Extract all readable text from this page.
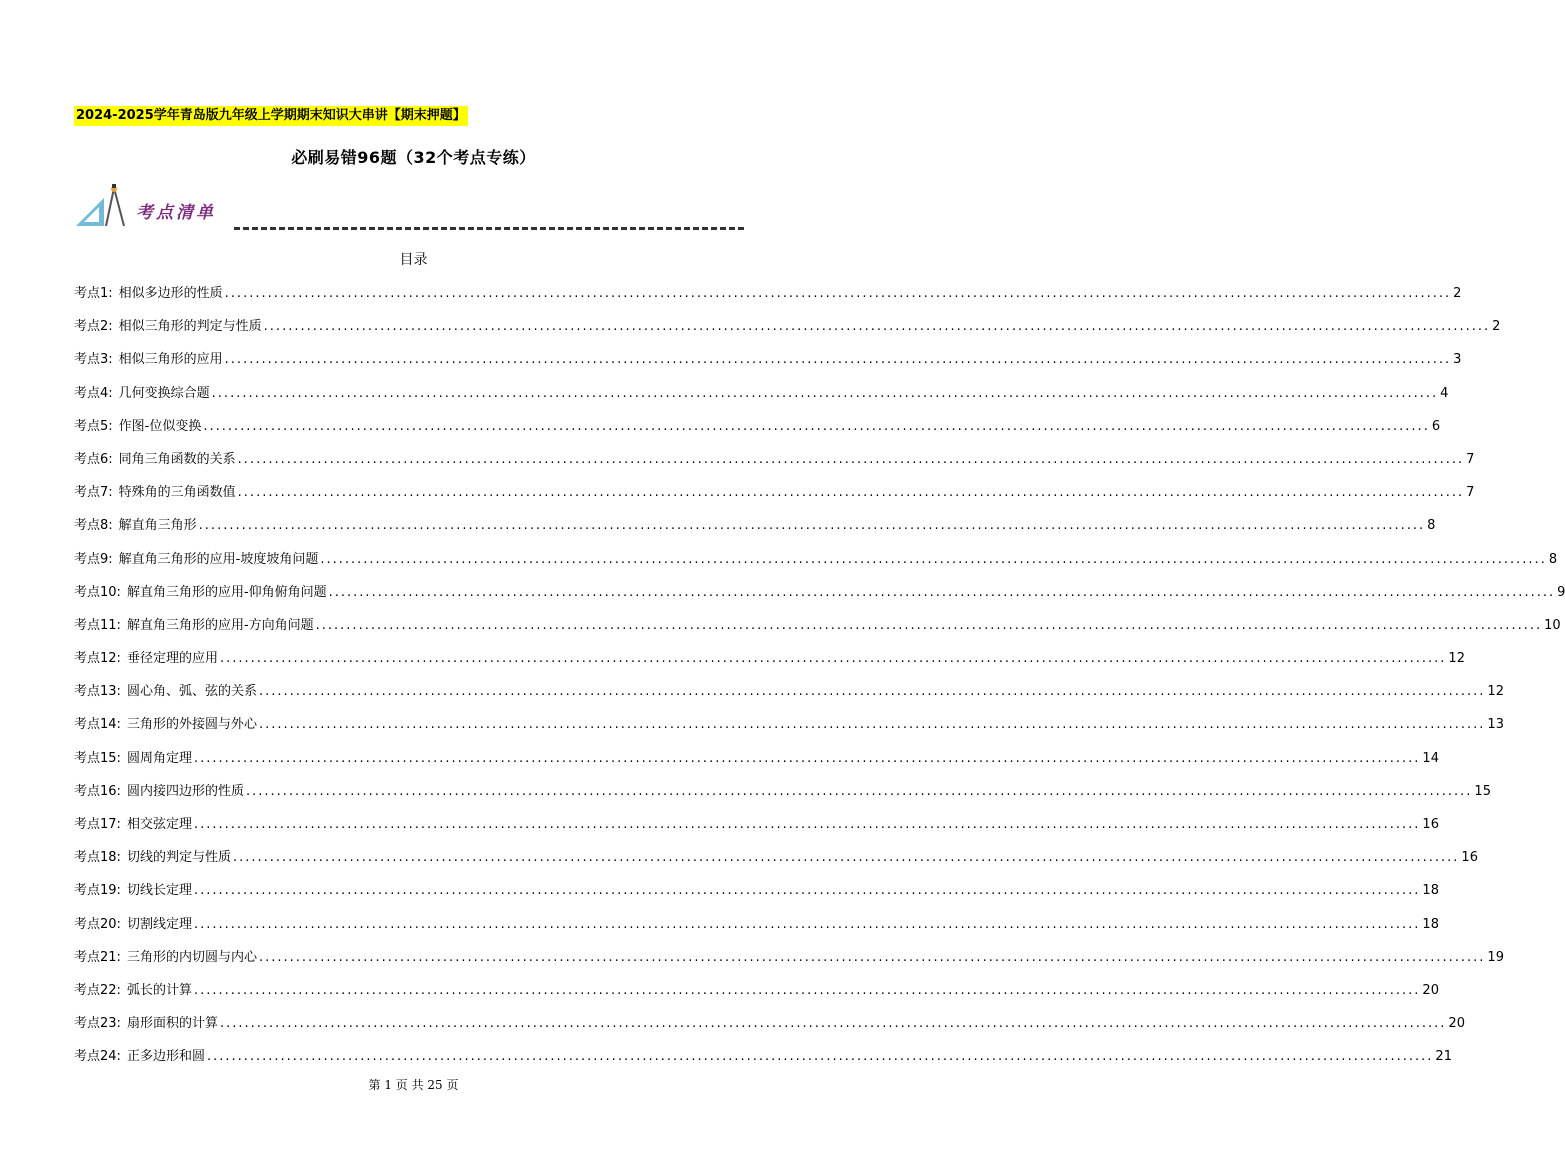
2024-2025学年青岛版九年级上学期期末知识大串讲【期末押题】
必刷易错96题（32个考点专练）
考点清单
目录
考点1: 相似多边形的性质 ........................................................................................................................................................................................................ 2
考点2: 相似三角形的判定与性质 ........................................................................................................................................................................................................ 2
考点3: 相似三角形的应用 ........................................................................................................................................................................................................ 3
考点4: 几何变换综合题 ........................................................................................................................................................................................................ 4
考点5: 作图-位似变换 ........................................................................................................................................................................................................ 6
考点6: 同角三角函数的关系 ........................................................................................................................................................................................................ 7
考点7: 特殊角的三角函数值 ........................................................................................................................................................................................................ 7
考点8: 解直角三角形 ........................................................................................................................................................................................................ 8
考点9: 解直角三角形的应用-坡度坡角问题 ........................................................................................................................................................................................................ 8
考点10: 解直角三角形的应用-仰角俯角问题 ........................................................................................................................................................................................................ 9
考点11: 解直角三角形的应用-方向角问题 ........................................................................................................................................................................................................ 10
考点12: 垂径定理的应用 ........................................................................................................................................................................................................ 12
考点13: 圆心角、弧、弦的关系 ........................................................................................................................................................................................................ 12
考点14: 三角形的外接圆与外心 ........................................................................................................................................................................................................ 13
考点15: 圆周角定理 ........................................................................................................................................................................................................ 14
考点16: 圆内接四边形的性质 ........................................................................................................................................................................................................ 15
考点17: 相交弦定理 ........................................................................................................................................................................................................ 16
考点18: 切线的判定与性质 ........................................................................................................................................................................................................ 16
考点19: 切线长定理 ........................................................................................................................................................................................................ 18
考点20: 切割线定理 ........................................................................................................................................................................................................ 18
考点21: 三角形的内切圆与内心 ........................................................................................................................................................................................................ 19
考点22: 弧长的计算 ........................................................................................................................................................................................................ 20
考点23: 扇形面积的计算 ........................................................................................................................................................................................................ 20
考点24: 正多边形和圆 ........................................................................................................................................................................................................ 21
第 1 页 共 25 页
